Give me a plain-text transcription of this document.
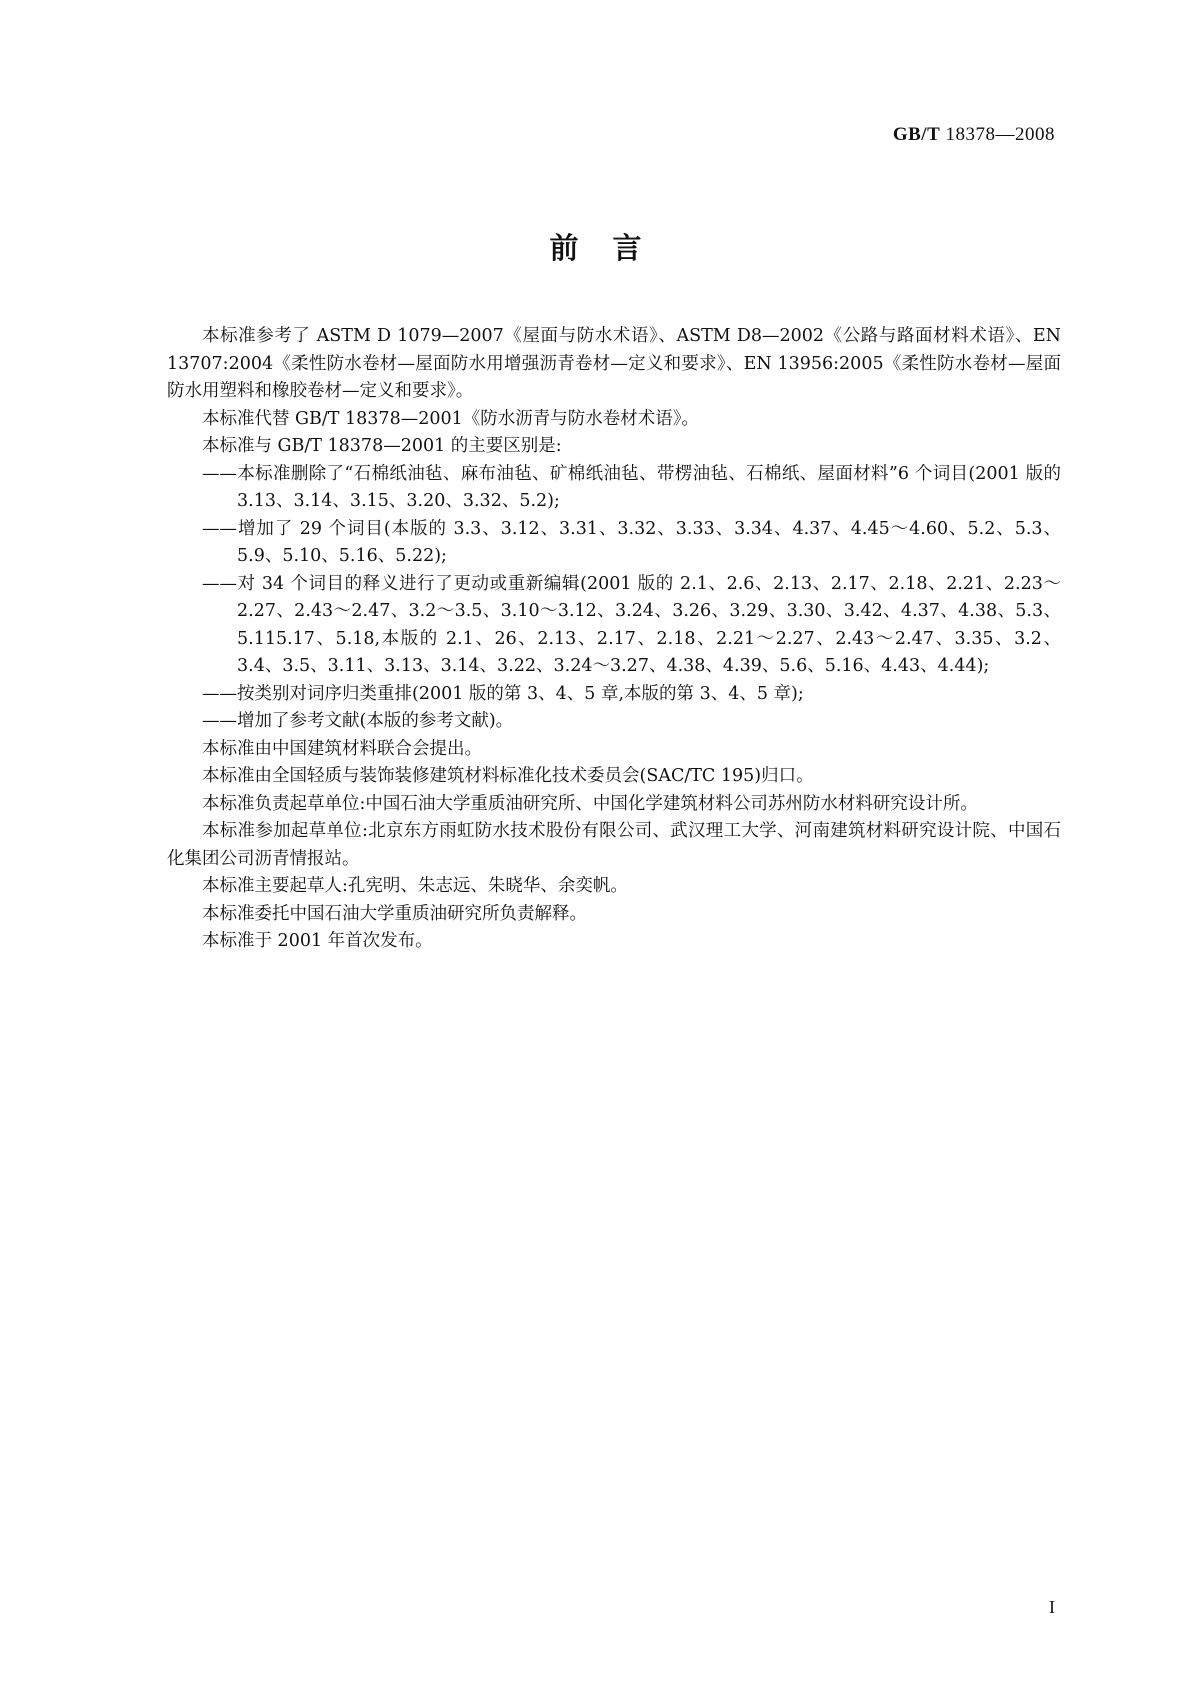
GB/T 18378—2008
前言

本标准参考了 ASTM D 1079—2007《屋面与防水术语》、ASTM D8—2002《公路与路面材料术语》、EN 13707:2004《柔性防水卷材—屋面防水用增强沥青卷材—定义和要求》、EN 13956:2005《柔性防水卷材—屋面防水用塑料和橡胶卷材—定义和要求》。

本标准代替 GB/T 18378—2001《防水沥青与防水卷材术语》。

本标准与 GB/T 18378—2001 的主要区别是:

——本标准删除了“石棉纸油毡、麻布油毡、矿棉纸油毡、带楞油毡、石棉纸、屋面材料”6 个词目(2001 版的 3.13、3.14、3.15、3.20、3.32、5.2);

——增加了 29 个词目(本版的 3.3、3.12、3.31、3.32、3.33、3.34、4.37、4.45～4.60、5.2、5.3、5.9、5.10、5.16、5.22);

——对 34 个词目的释义进行了更动或重新编辑(2001 版的 2.1、2.6、2.13、2.17、2.18、2.21、2.23～2.27、2.43～2.47、3.2～3.5、3.10～3.12、3.24、3.26、3.29、3.30、3.42、4.37、4.38、5.3、5.115.17、5.18,本版的 2.1、26、2.13、2.17、2.18、2.21～2.27、2.43～2.47、3.35、3.2、3.4、3.5、3.11、3.13、3.14、3.22、3.24～3.27、4.38、4.39、5.6、5.16、4.43、4.44);

——按类别对词序归类重排(2001 版的第 3、4、5 章,本版的第 3、4、5 章);

——增加了参考文献(本版的参考文献)。

本标准由中国建筑材料联合会提出。

本标准由全国轻质与装饰装修建筑材料标准化技术委员会(SAC/TC 195)归口。

本标准负责起草单位:中国石油大学重质油研究所、中国化学建筑材料公司苏州防水材料研究设计所。

本标准参加起草单位:北京东方雨虹防水技术股份有限公司、武汉理工大学、河南建筑材料研究设计院、中国石化集团公司沥青情报站。

本标准主要起草人:孔宪明、朱志远、朱晓华、余奕帆。

本标准委托中国石油大学重质油研究所负责解释。

本标准于 2001 年首次发布。

I
